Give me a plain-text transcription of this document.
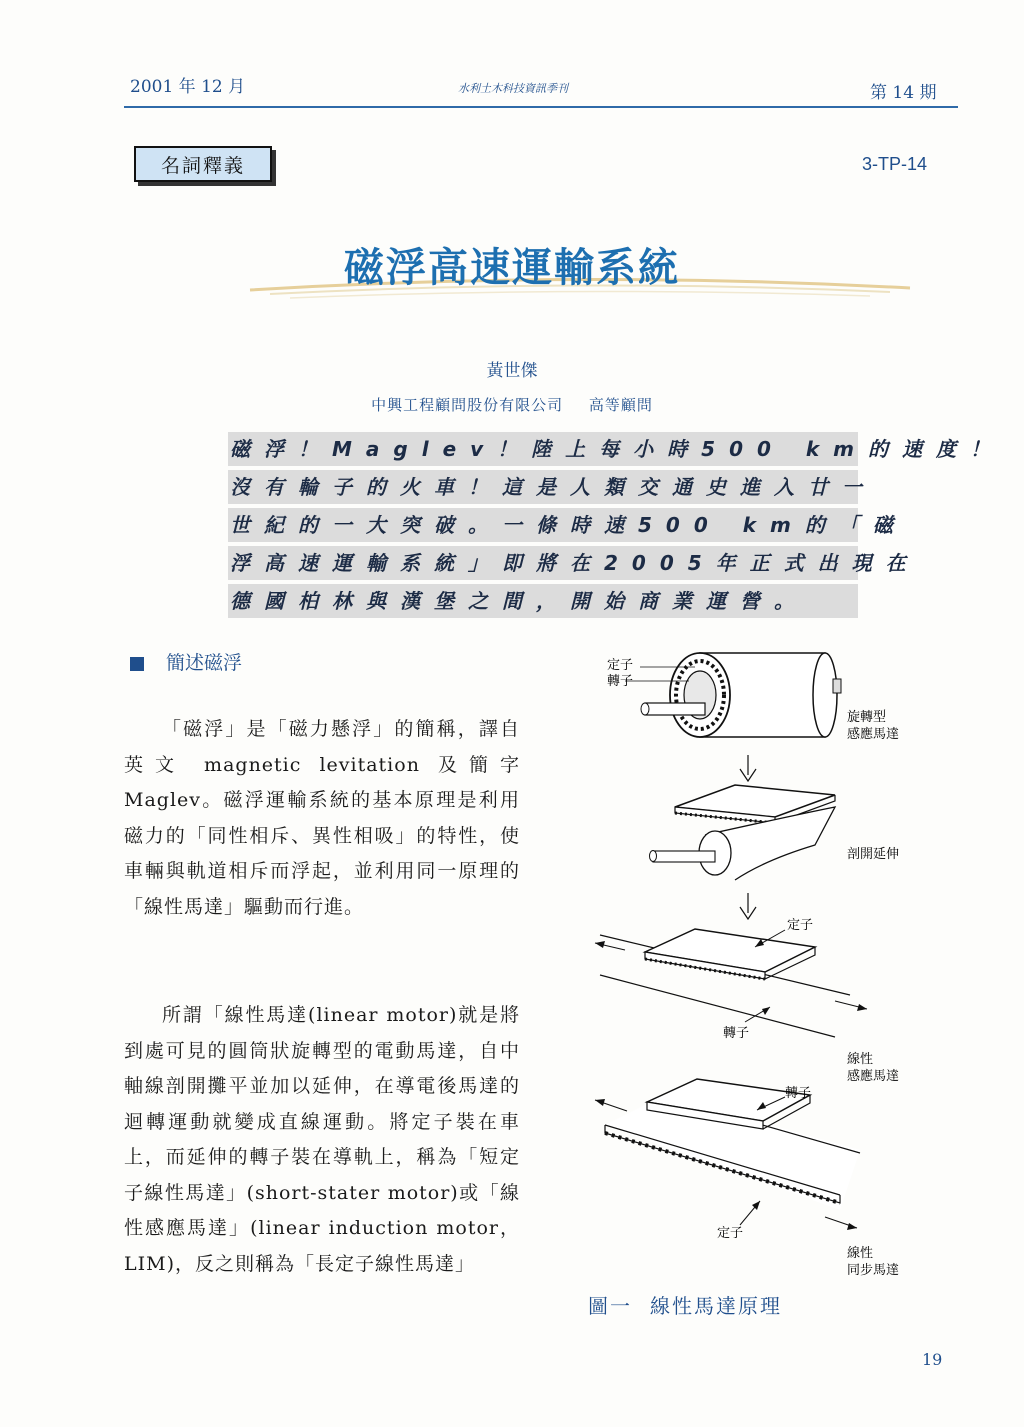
2001 年 12 月	水利土木科技資訊季刊	第 14 期
名詞釋義	3-TP-14
磁浮高速運輸系統
黃世傑
中興工程顧問股份有限公司 高等顧問
磁浮！Maglev！陸上每小時500 km的速度！
沒有輪子的火車！這是人類交通史進入廿一
世紀的一大突破。一條時速500 km的「磁
浮高速運輸系統」即將在2005年正式出現在
德國柏林與漢堡之間，開始商業運營。
簡述磁浮
「磁浮」是「磁力懸浮」的簡稱，譯自英文 magnetic levitation 及簡字Maglev。磁浮運輸系統的基本原理是利用磁力的「同性相斥、異性相吸」的特性，使車輛與軌道相斥而浮起，並利用同一原理的「線性馬達」驅動而行進。
所謂「線性馬達(linear motor)就是將到處可見的圓筒狀旋轉型的電動馬達，自中軸線剖開攤平並加以延伸，在導電後馬達的迴轉運動就變成直線運動。將定子裝在車上，而延伸的轉子裝在導軌上，稱為「短定子線性馬達」(short-stater motor)或「線性感應馬達」(linear induction motor，LIM)，反之則稱為「長定子線性馬達」
定子
轉子
旋轉型
感應馬達
剖開延伸
定子
轉子
線性
感應馬達
轉子
定子
線性
同步馬達
圖一 線性馬達原理
19
